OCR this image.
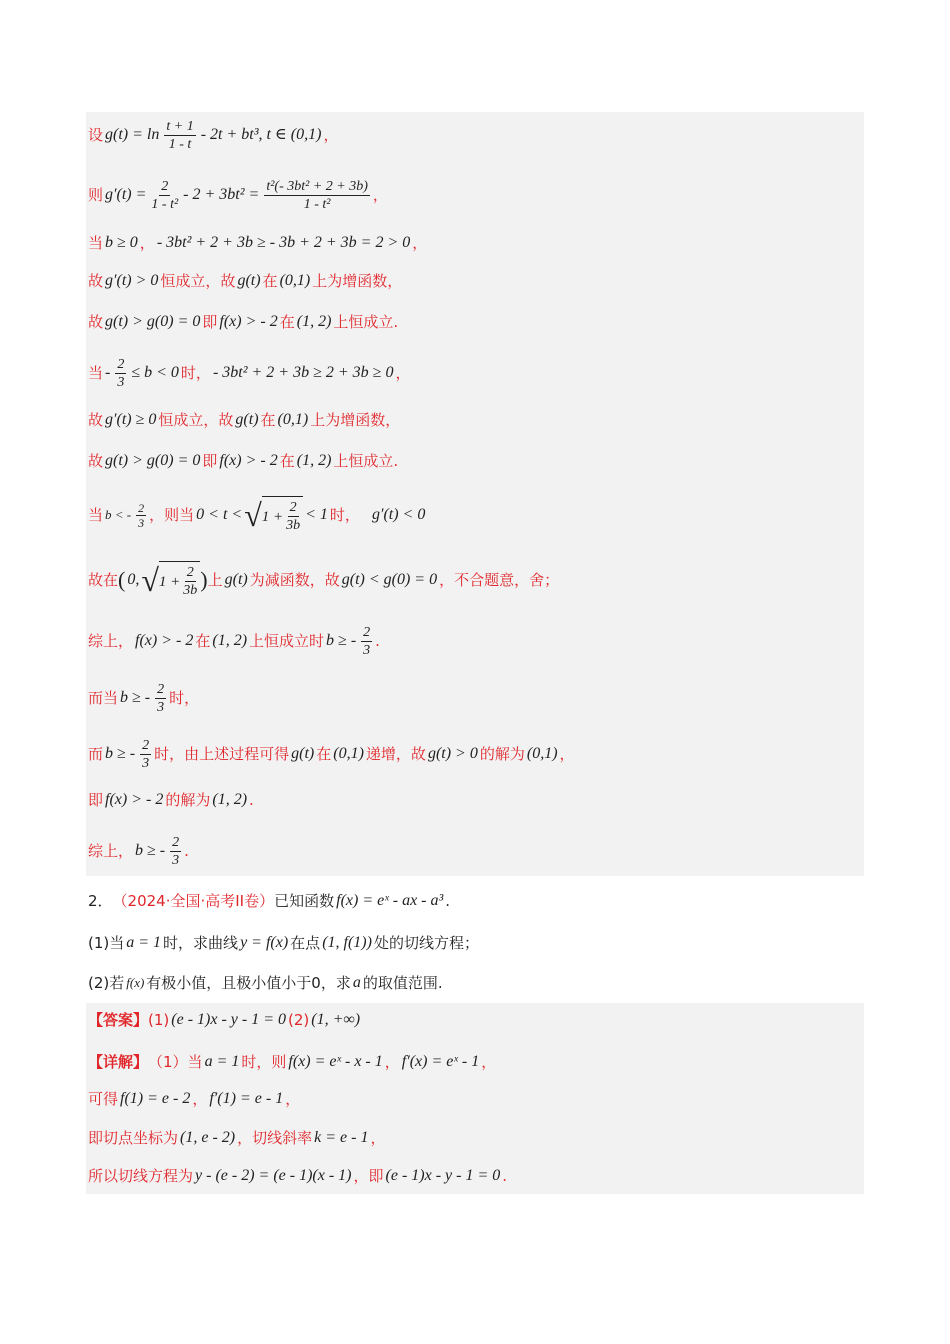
设 $g(t) = \ln \frac{t + 1}{1 - t} - 2t + bt^3$, t ∈ (0,1) ，
则 $g'(t) = \frac{2}{\text{1 - t²}} - 2 + 3bt^2 = \frac{\text{t²(- 3bt² + 2 + 3b)}}{\text{1 - t²}}$ ，
当 b ≥ 0 ， - 3bt² + 2 + 3b ≥ - 3b + 2 + 3b = 2 > 0 ，
故 g′(t) > 0 恒成立，故 g(t) 在 (0,1) 上为增函数，
故 g(t) > g(0) = 0 即 f(x) > - 2 在 (1, 2) 上恒成立.
当 - $\frac{2}{3} \le b < 0$ 时， - 3bt² + 2 + 3b ≥ 2 + 3b ≥ 0 ，
故 g′(t) ≥ 0 恒成立，故 g(t) 在 (0,1) 上为增函数，
故 g(t) > g(0) = 0 即 f(x) > - 2 在 (1, 2) 上恒成立.
当 b < - $\frac{2}{3}$ ，则当 0 < t < √ $1 + \frac{2}{3b} < 1$ 时， g′(t) < 0
故在 ( 0, √ $1 + \frac{2}{3b}$ ) 上 g(t) 为减函数，故 g(t) < g(0) = 0 ，不合题意，舍；
综上， f(x) > - 2 在 (1, 2) 上恒成立时 b ≥ - $\frac{2}{3}$ .
而当 b ≥ - $\frac{2}{3}$ 时，
而 b ≥ - $\frac{2}{3}$ 时，由上述过程可得 g(t) 在 (0,1) 递增，故 g(t) > 0 的解为 (0,1) ，
即 f(x) > - 2 的解为 (1, 2) .
综上， b ≥ - $\frac{2}{3}$ .
2． （2024·全国·高考II卷） 已知函数 f(x) = eˣ - ax - a³ .
(1)当 a = 1 时，求曲线 y = f(x) 在点 (1, f(1)) 处的切线方程；
(2)若 f(x) 有极小值，且极小值小于0，求 a 的取值范围.
【答案】 (1) (e - 1)x - y - 1 = 0 (2) (1, +∞)
【详解】 （1）当 a = 1 时，则 f(x) = eˣ - x - 1 ， f′(x) = eˣ - 1 ，
可得 f(1) = e - 2 ， f′(1) = e - 1 ，
即切点坐标为 (1, e - 2) ，切线斜率 k = e - 1 ，
所以切线方程为 y - (e - 2) = (e - 1)(x - 1) ，即 (e - 1)x - y - 1 = 0 .
